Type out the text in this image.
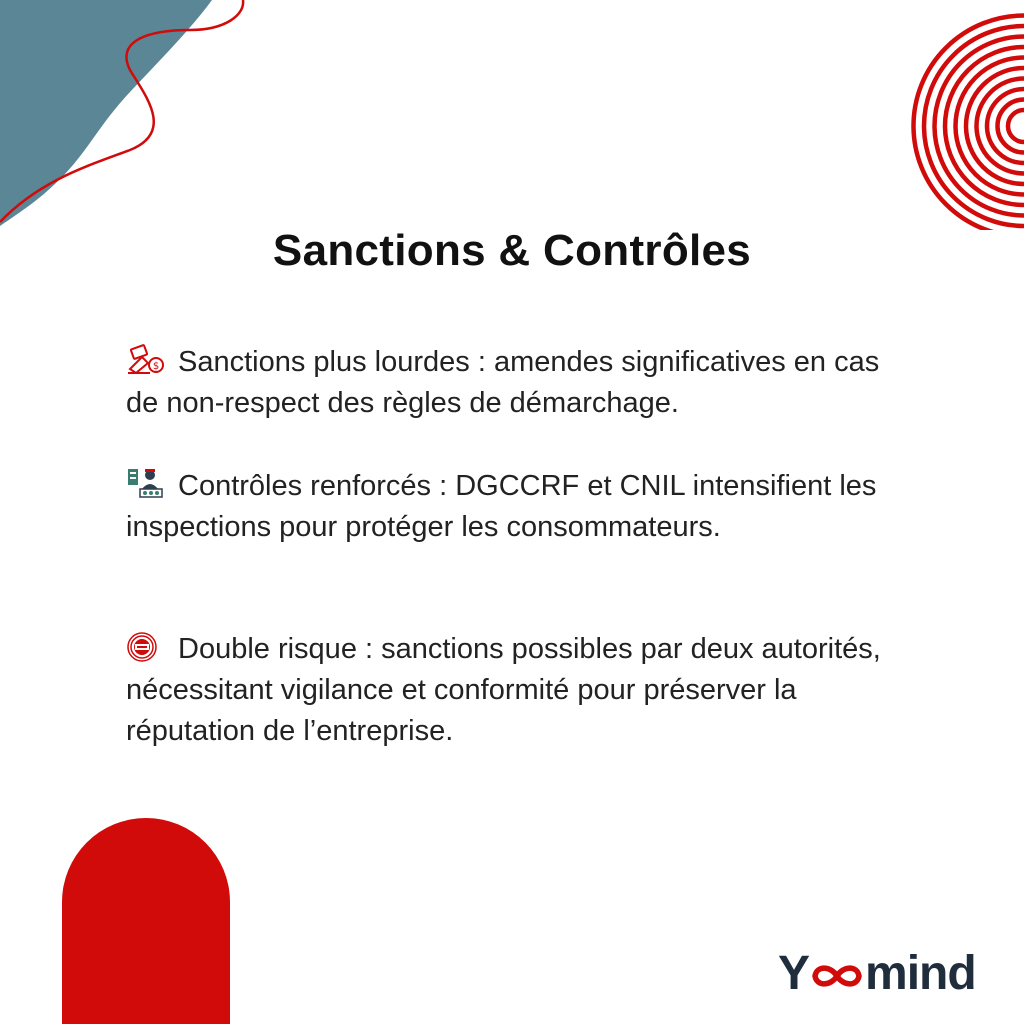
Sanctions & Contrôles
$ Sanctions plus lourdes : amendes significatives en cas de non-respect des règles de démarchage.
Contrôles renforcés : DGCCRF et CNIL intensifient les inspections pour protéger les consommateurs.
Double risque : sanctions possibles par deux autorités, nécessitant vigilance et conformité pour préserver la réputation de l’entreprise.
Y mind
